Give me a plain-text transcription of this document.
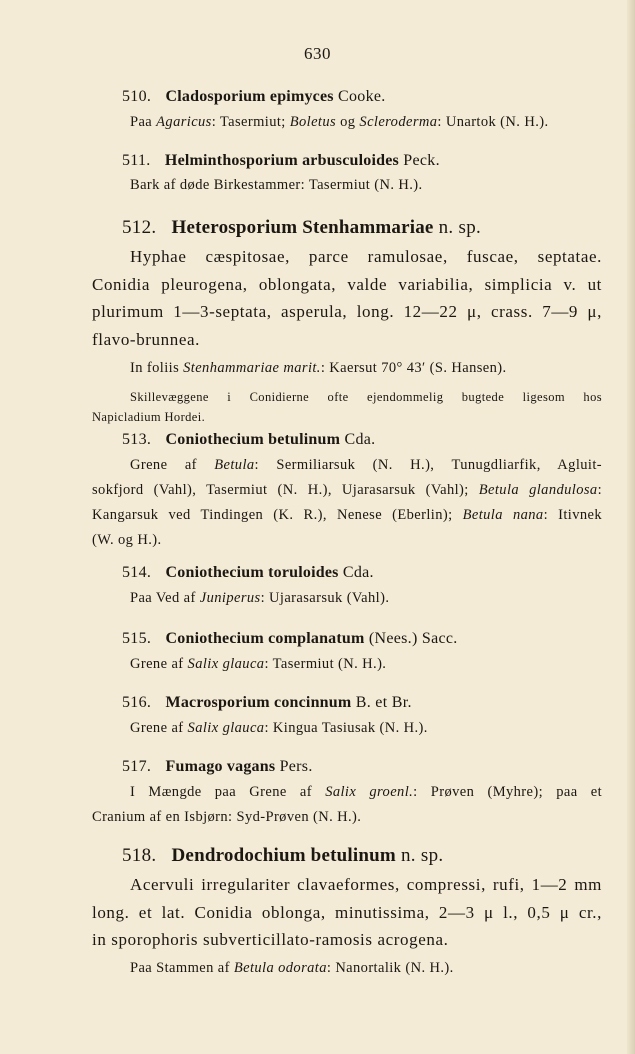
630
510. Cladosporium epimyces Cooke.
Paa Agaricus: Tasermiut; Boletus og Scleroderma: Unartok (N. H.).
511. Helminthosporium arbusculoides Peck.
Bark af døde Birkestammer: Tasermiut (N. H.).
512. Heterosporium Stenhammariae n. sp.
Hyphae cæspitosae, parce ramulosae, fuscae, septatae.
Conidia pleurogena, oblongata, valde variabilia, simplicia v. ut
plurimum 1—3-septata, asperula, long. 12—22 μ, crass. 7—9 μ,
flavo-brunnea.
In foliis Stenhammariae marit.: Kaersut 70° 43′ (S. Hansen).
Skillevæggene i Conidierne ofte ejendommelig bugtede ligesom hos
Napicladium Hordei.
513. Coniothecium betulinum Cda.
Grene af Betula: Sermiliarsuk (N. H.), Tunugdliarfik, Agluit-
sokfjord (Vahl), Tasermiut (N. H.), Ujarasarsuk (Vahl); Betula glandulosa:
Kangarsuk ved Tindingen (K. R.), Nenese (Eberlin); Betula nana: Itivnek
(W. og H.).
514. Coniothecium toruloides Cda.
Paa Ved af Juniperus: Ujarasarsuk (Vahl).
515. Coniothecium complanatum (Nees.) Sacc.
Grene af Salix glauca: Tasermiut (N. H.).
516. Macrosporium concinnum B. et Br.
Grene af Salix glauca: Kingua Tasiusak (N. H.).
517. Fumago vagans Pers.
I Mængde paa Grene af Salix groenl.: Prøven (Myhre); paa et
Cranium af en Isbjørn: Syd-Prøven (N. H.).
518. Dendrodochium betulinum n. sp.
Acervuli irregulariter clavaeformes, compressi, rufi, 1—2 mm
long. et lat. Conidia oblonga, minutissima, 2—3 μ l., 0,5 μ cr.,
in sporophoris subverticillato-ramosis acrogena.
Paa Stammen af Betula odorata: Nanortalik (N. H.).
